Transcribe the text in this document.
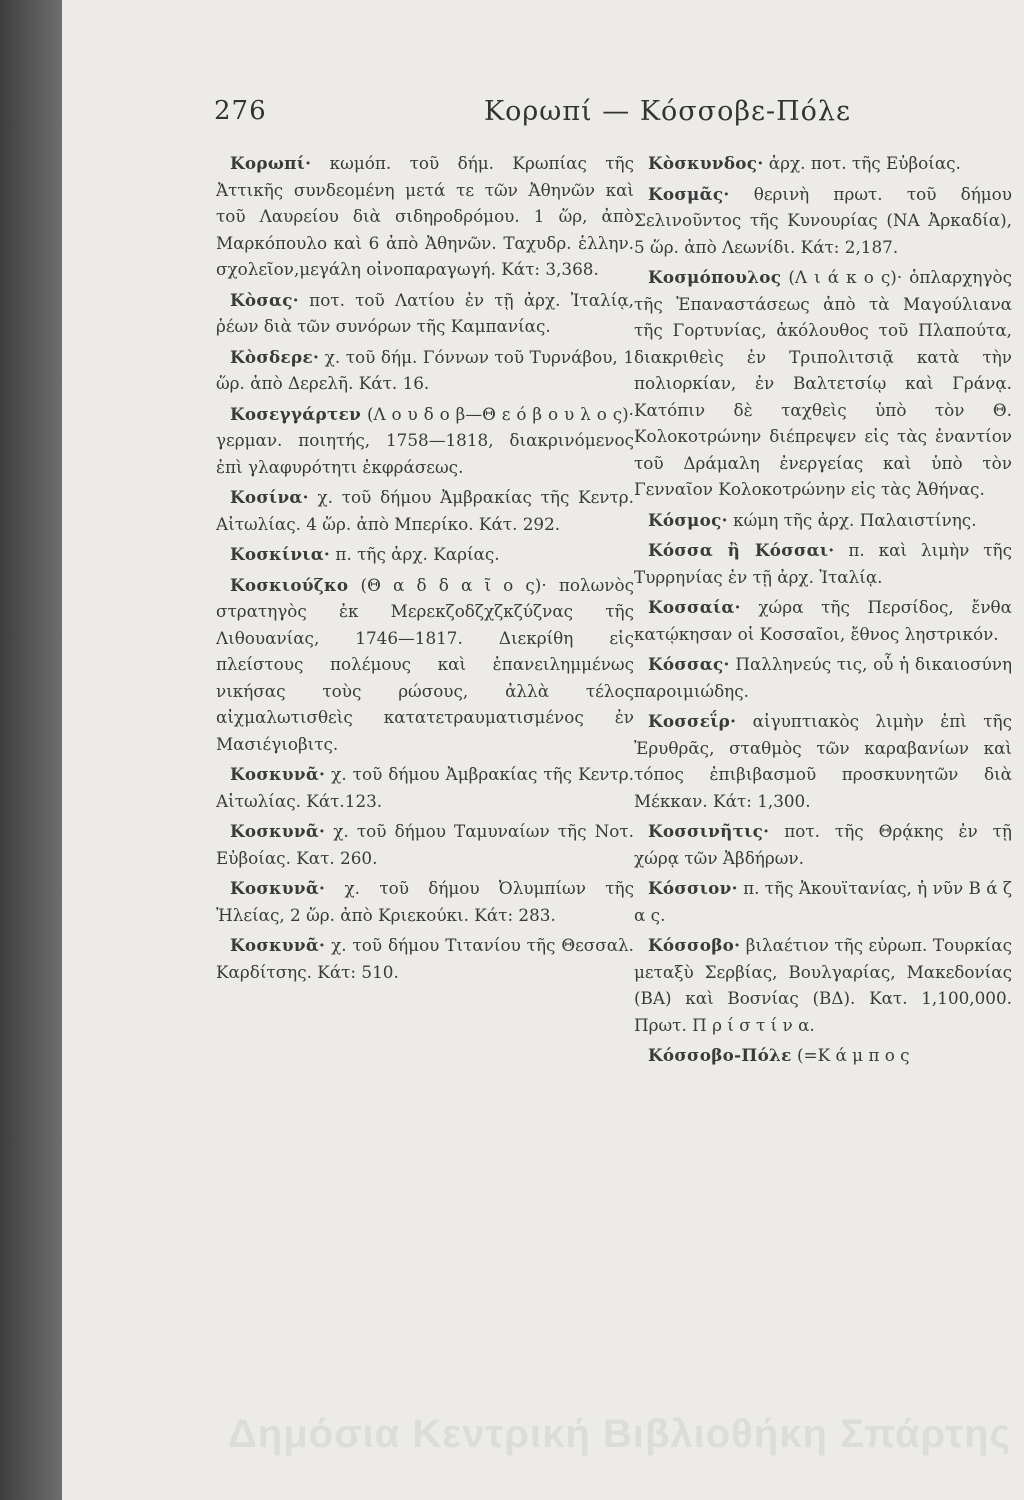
276	Κορωπί — Κόσσοβε-Πόλε

Κορωπί· κωμόπ. τοῦ δήμ. Κρωπίας τῆς Ἀττικῆς συνδεομένη μετά τε τῶν Ἀθηνῶν καὶ τοῦ Λαυρείου διὰ σιδηροδρόμου. 1 ὥρ, ἀπὸ Μαρκόπουλο καὶ 6 ἀπὸ Ἀθηνῶν. Ταχυδρ. ἑλλην. σχολεῖον,μεγάλη οἰνοπαραγωγή. Κάτ: 3,368.

Κὸσας· ποτ. τοῦ Λατίου ἐν τῇ ἀρχ. Ἰταλίᾳ, ῥέων διὰ τῶν συνόρων τῆς Καμπανίας.

Κὸσδερε· χ. τοῦ δήμ. Γόννων τοῦ Τυρνάβου, 1 ὥρ. ἀπὸ Δερελῆ. Κάτ. 16.

Κοσεγγάρτεν (Λ ο υ δ ο β—Θ ε ό β ο υ λ ο ς)· γερμαν. ποιητής, 1758—1818, διακρινόμενος ἐπὶ γλαφυρότητι ἐκφράσεως.

Κοσίνα· χ. τοῦ δήμου Ἀμβρακίας τῆς Κεντρ. Αἰτωλίας. 4 ὥρ. ἀπὸ Μπερίκο. Κάτ. 292.

Κοσκίνια· π. τῆς ἀρχ. Καρίας.

Κοσκιούζκο (Θ α δ δ α ῖ ο ς)· πολωνὸς στρατηγὸς ἐκ Μερεκζοδζχζκζύζνας τῆς Λιθουανίας, 1746—1817. Διεκρίθη εἰς πλείστους πολέμους καὶ ἐπανειλημμένως νικήσας τοὺς ρώσους, ἀλλὰ τέλος αἰχμαλωτισθεὶς κατατετραυματισμένος ἐν Μασιέγιοβιτς.

Κοσκυνᾶ· χ. τοῦ δήμου Ἀμβρακίας τῆς Κεντρ. Αἰτωλίας. Κάτ.123.

Κοσκυνᾶ· χ. τοῦ δήμου Ταμυναίων τῆς Νοτ. Εὐβοίας. Κατ. 260.

Κοσκυνᾶ· χ. τοῦ δήμου Ὀλυμπίων τῆς Ἠλείας, 2 ὥρ. ἀπὸ Κριεκούκι. Κάτ: 283.

Κοσκυνᾶ· χ. τοῦ δήμου Τιτανίου τῆς Θεσσαλ. Καρδίτσης. Κάτ: 510.

Κὸσκυνδος· ἀρχ. ποτ. τῆς Εὐβοίας.

Κοσμᾶς· θερινὴ πρωτ. τοῦ δήμου Σελινοῦντος τῆς Κυνουρίας (ΝΑ Ἀρκαδία), 5 ὥρ. ἀπὸ Λεωνίδι. Κάτ: 2,187.

Κοσμόπουλος (Λ ι ά κ ο ς)· ὁπλαρχηγὸς τῆς Ἐπαναστάσεως ἀπὸ τὰ Μαγούλιανα τῆς Γορτυνίας, ἀκόλουθος τοῦ Πλαπούτα, διακριθεὶς ἐν Τριπολιτσιᾷ κατὰ τὴν πολιορκίαν, ἐν Βαλτετσίῳ καὶ Γράνᾳ. Κατόπιν δὲ ταχθεὶς ὑπὸ τὸν Θ. Κολοκοτρώνην διέπρεψεν εἰς τὰς ἐναντίον τοῦ Δράμαλη ἐνεργείας καὶ ὑπὸ τὸν Γενναῖον Κολοκοτρώνην εἰς τὰς Ἀθήνας.

Κόσμος· κώμη τῆς ἀρχ. Παλαιστίνης.

Κόσσα ἢ Κόσσαι· π. καὶ λιμὴν τῆς Τυρρηνίας ἐν τῇ ἀρχ. Ἰταλίᾳ.

Κοσσαία· χώρα τῆς Περσίδος, ἔνθα κατῴκησαν οἱ Κοσσαῖοι, ἔθνος ληστρικόν.

Κόσσας· Παλληνεύς τις, οὗ ἡ δικαιοσύνη παροιμιώδης.

Κοσσεΐρ· αἰγυπτιακὸς λιμὴν ἐπὶ τῆς Ἐρυθρᾶς, σταθμὸς τῶν καραβανίων καὶ τόπος ἐπιβιβασμοῦ προσκυνητῶν διὰ Μέκκαν. Κάτ: 1,300.

Κοσσινῆτις· ποτ. τῆς Θρᾴκης ἐν τῇ χώρᾳ τῶν Ἀβδήρων.

Κόσσιον· π. τῆς Ἀκουϊτανίας, ἡ νῦν Β ά ζ α ς.

Κόσσοβο· βιλαέτιον τῆς εὐρωπ. Τουρκίας μεταξὺ Σερβίας, Βουλγαρίας, Μακεδονίας (ΒΑ) καὶ Βοσνίας (ΒΔ). Κατ. 1,100,000. Πρωτ. Π ρ ί σ τ ί ν α.

Κόσσοβο-Πόλε (=Κ ά μ π ο ς

Δημόσια Κεντρική Βιβλιοθήκη Σπάρτης
